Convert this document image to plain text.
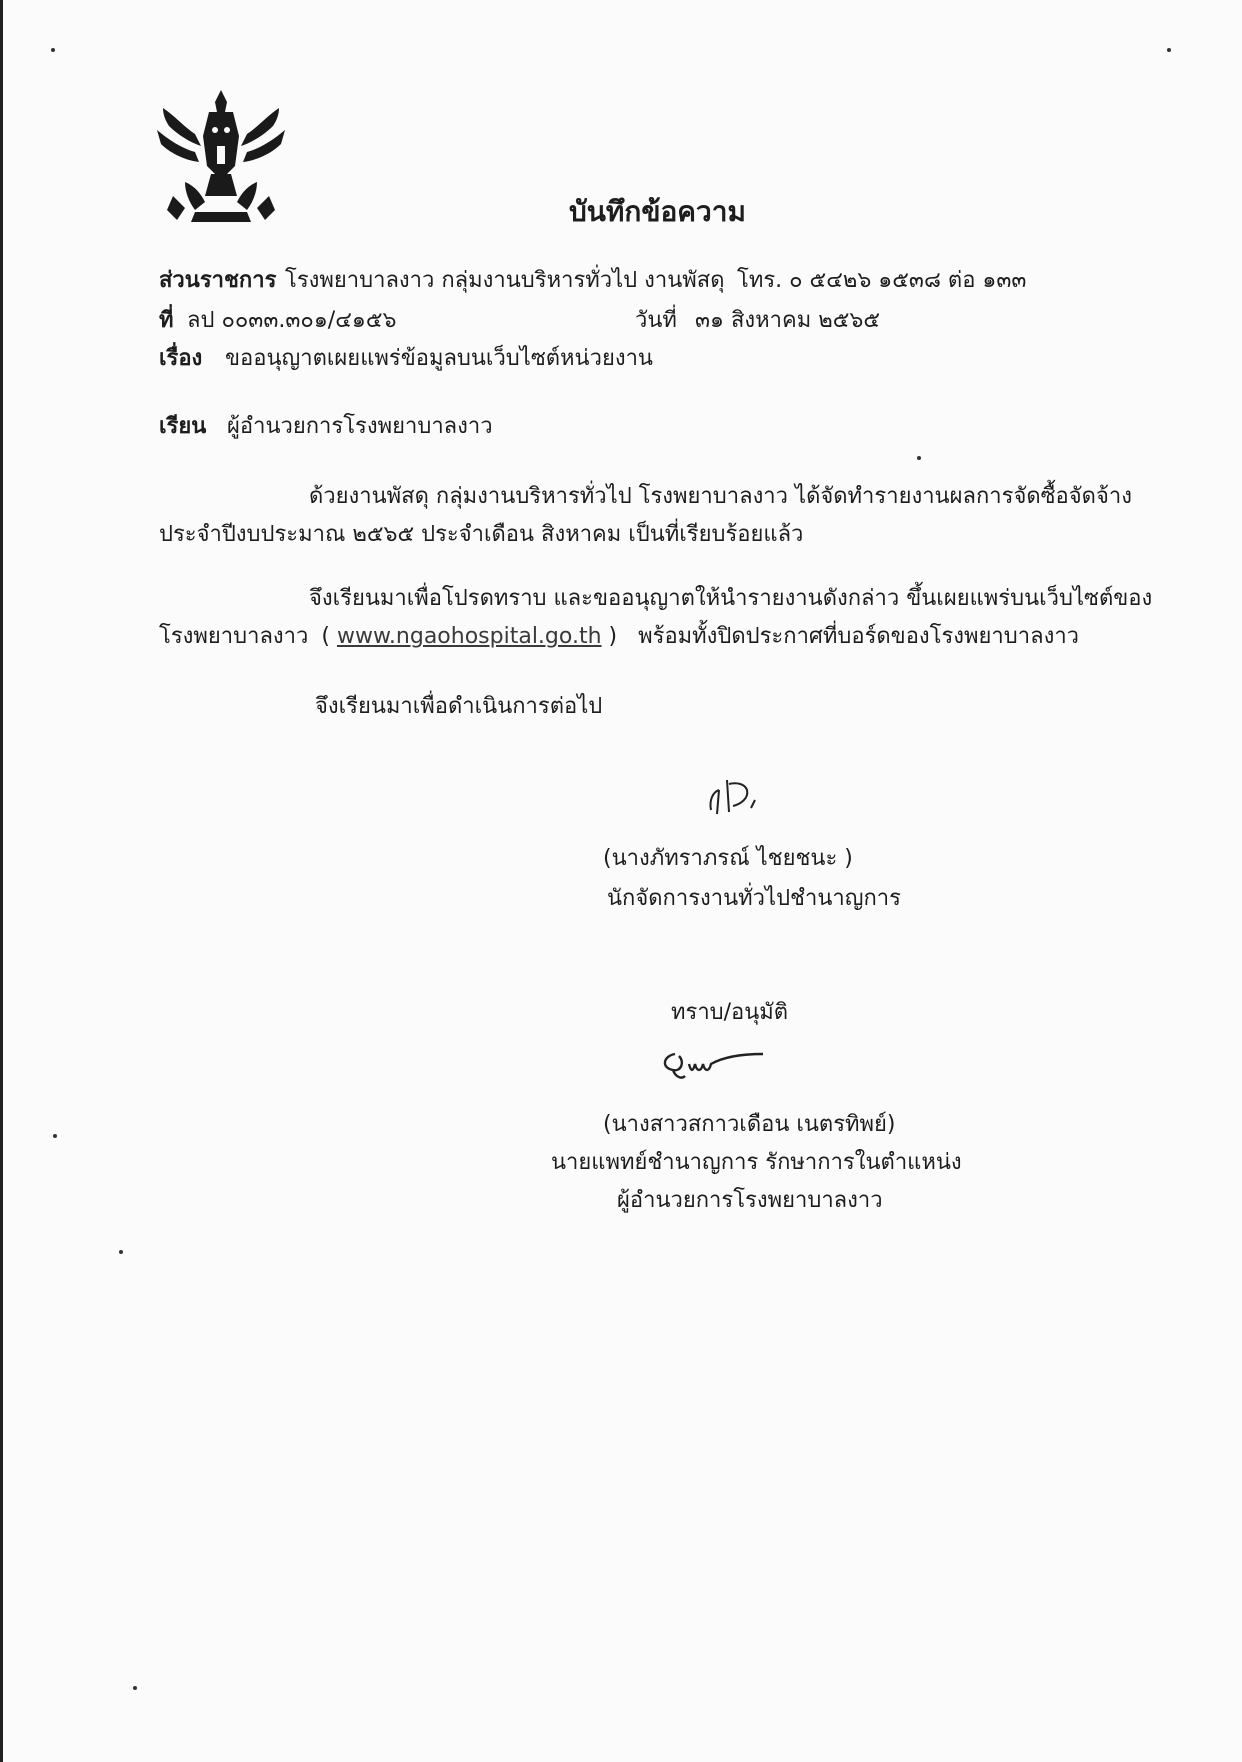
บันทึกข้อความ
ส่วนราชการ โรงพยาบาลงาว กลุ่มงานบริหารทั่วไป งานพัสดุ โทร. ๐ ๕๔๒๖ ๑๕๓๘ ต่อ ๑๓๓
ที่ ลป ๐๐๓๓.๓๐๑/๔๑๕๖	วันที่ ๓๑ สิงหาคม ๒๕๖๕
เรื่อง ขออนุญาตเผยแพร่ข้อมูลบนเว็บไซต์หน่วยงาน
เรียน ผู้อำนวยการโรงพยาบาลงาว
ด้วยงานพัสดุ กลุ่มงานบริหารทั่วไป โรงพยาบาลงาว ได้จัดทำรายงานผลการจัดซื้อจัดจ้าง
ประจำปีงบประมาณ ๒๕๖๕ ประจำเดือน สิงหาคม เป็นที่เรียบร้อยแล้ว
จึงเรียนมาเพื่อโปรดทราบ และขออนุญาตให้นำรายงานดังกล่าว ขึ้นเผยแพร่บนเว็บไซต์ของ
โรงพยาบาลงาว ( www.ngaohospital.go.th ) พร้อมทั้งปิดประกาศที่บอร์ดของโรงพยาบาลงาว
จึงเรียนมาเพื่อดำเนินการต่อไป
(นางภัทราภรณ์ ไชยชนะ )
นักจัดการงานทั่วไปชำนาญการ
ทราบ/อนุมัติ
(นางสาวสกาวเดือน เนตรทิพย์)
นายแพทย์ชำนาญการ รักษาการในตำแหน่ง
ผู้อำนวยการโรงพยาบาลงาว
